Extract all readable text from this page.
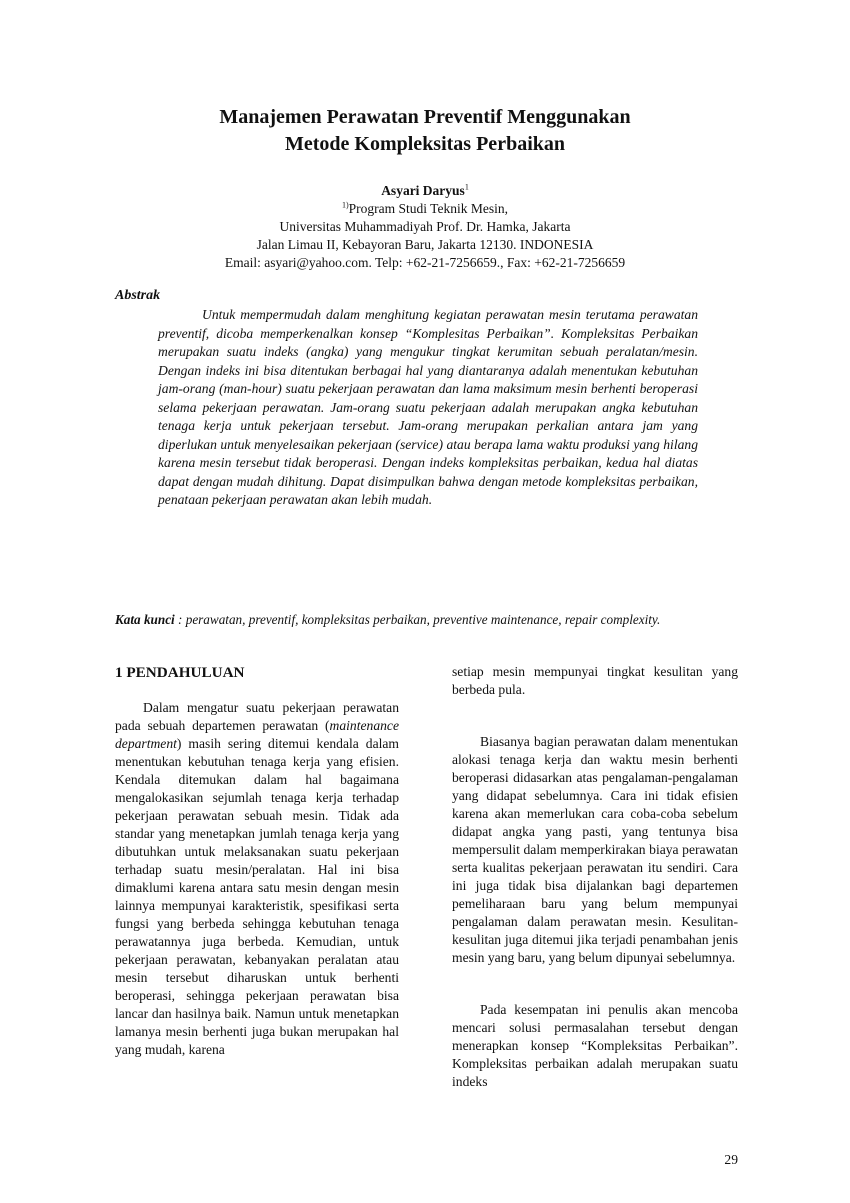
Manajemen Perawatan Preventif Menggunakan
Metode Kompleksitas Perbaikan
Asyari Daryus$^1$
$^{1)}$Program Studi Teknik Mesin,
Universitas Muhammadiyah Prof. Dr. Hamka, Jakarta
Jalan Limau II, Kebayoran Baru, Jakarta 12130. INDONESIA
Email: asyari@yahoo.com. Telp: +62-21-7256659., Fax: +62-21-7256659
Abstrak
Untuk mempermudah dalam menghitung kegiatan perawatan mesin terutama perawatan preventif, dicoba memperkenalkan konsep “Komplesitas Perbaikan”. Kompleksitas Perbaikan merupakan suatu indeks (angka) yang mengukur tingkat kerumitan sebuah peralatan/mesin. Dengan indeks ini bisa ditentukan berbagai hal yang diantaranya adalah menentukan kebutuhan jam-orang (man-hour) suatu pekerjaan perawatan dan lama maksimum mesin berhenti beroperasi selama pekerjaan perawatan. Jam-orang suatu pekerjaan adalah merupakan angka kebutuhan tenaga kerja untuk pekerjaan tersebut. Jam-orang merupakan perkalian antara jam yang diperlukan untuk menyelesaikan pekerjaan (service) atau berapa lama waktu produksi yang hilang karena mesin tersebut tidak beroperasi. Dengan indeks kompleksitas perbaikan, kedua hal diatas dapat dengan mudah dihitung. Dapat disimpulkan bahwa dengan metode kompleksitas perbaikan, penataan pekerjaan perawatan akan lebih mudah.
Kata kunci : perawatan, preventif, kompleksitas perbaikan, preventive maintenance, repair complexity.
1 PENDAHULUAN

Dalam mengatur suatu pekerjaan perawatan pada sebuah departemen perawatan (maintenance department) masih sering ditemui kendala dalam menentukan kebutuhan tenaga kerja yang efisien. Kendala ditemukan dalam hal bagaimana mengalokasikan sejumlah tenaga kerja terhadap pekerjaan perawatan sebuah mesin. Tidak ada standar yang menetapkan jumlah tenaga kerja yang dibutuhkan untuk melaksanakan suatu pekerjaan terhadap suatu mesin/peralatan. Hal ini bisa dimaklumi karena antara satu mesin dengan mesin lainnya mempunyai karakteristik, spesifikasi serta fungsi yang berbeda sehingga kebutuhan tenaga perawatannya juga berbeda. Kemudian, untuk pekerjaan perawatan, kebanyakan peralatan atau mesin tersebut diharuskan untuk berhenti beroperasi, sehingga pekerjaan perawatan bisa lancar dan hasilnya baik. Namun untuk menetapkan lamanya mesin berhenti juga bukan merupakan hal yang mudah, karena

setiap mesin mempunyai tingkat kesulitan yang berbeda pula.

Biasanya bagian perawatan dalam menentukan alokasi tenaga kerja dan waktu mesin berhenti beroperasi didasarkan atas pengalaman-pengalaman yang didapat sebelumnya. Cara ini tidak efisien karena akan memerlukan cara coba-coba sebelum didapat angka yang pasti, yang tentunya bisa mempersulit dalam memperkirakan biaya perawatan serta kualitas pekerjaan perawatan itu sendiri. Cara ini juga tidak bisa dijalankan bagi departemen pemeliharaan baru yang belum mempunyai pengalaman dalam perawatan mesin. Kesulitan-kesulitan juga ditemui jika terjadi penambahan jenis mesin yang baru, yang belum dipunyai sebelumnya.

Pada kesempatan ini penulis akan mencoba mencari solusi permasalahan tersebut dengan menerapkan konsep “Kompleksitas Perbaikan”. Kompleksitas perbaikan adalah merupakan suatu indeks

29
